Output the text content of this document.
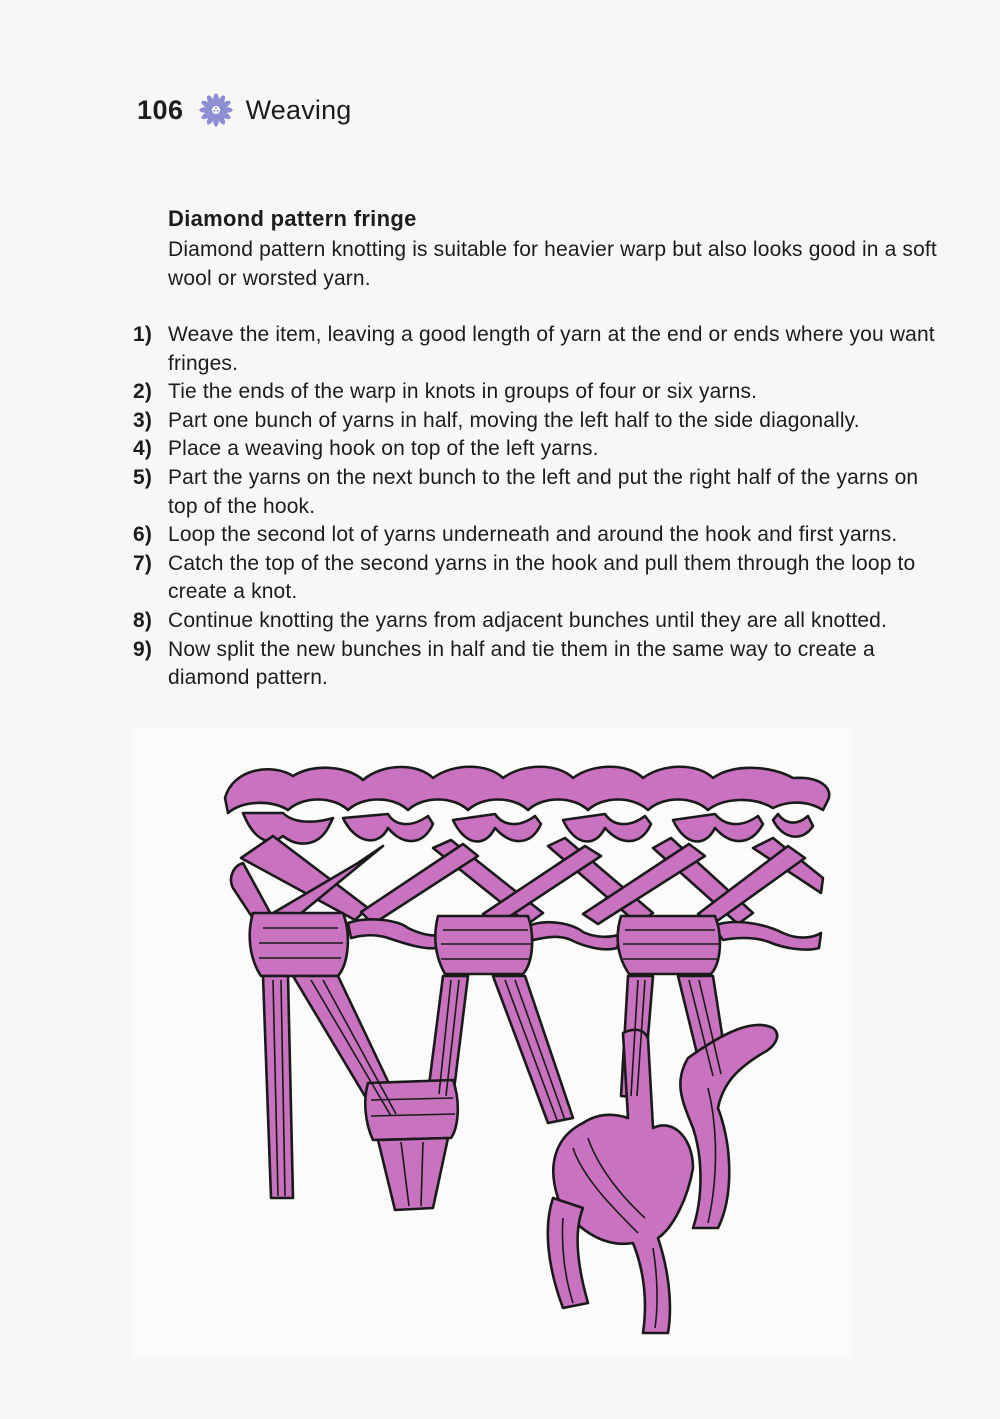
106 Weaving
Diamond pattern fringe
Diamond pattern knotting is suitable for heavier warp but also looks good in a soft wool or worsted yarn.
1) Weave the item, leaving a good length of yarn at the end or ends where you want fringes.
2) Tie the ends of the warp in knots in groups of four or six yarns.
3) Part one bunch of yarns in half, moving the left half to the side diagonally.
4) Place a weaving hook on top of the left yarns.
5) Part the yarns on the next bunch to the left and put the right half of the yarns on top of the hook.
6) Loop the second lot of yarns underneath and around the hook and first yarns.
7) Catch the top of the second yarns in the hook and pull them through the loop to create a knot.
8) Continue knotting the yarns from adjacent bunches until they are all knotted.
9) Now split the new bunches in half and tie them in the same way to create a diamond pattern.
